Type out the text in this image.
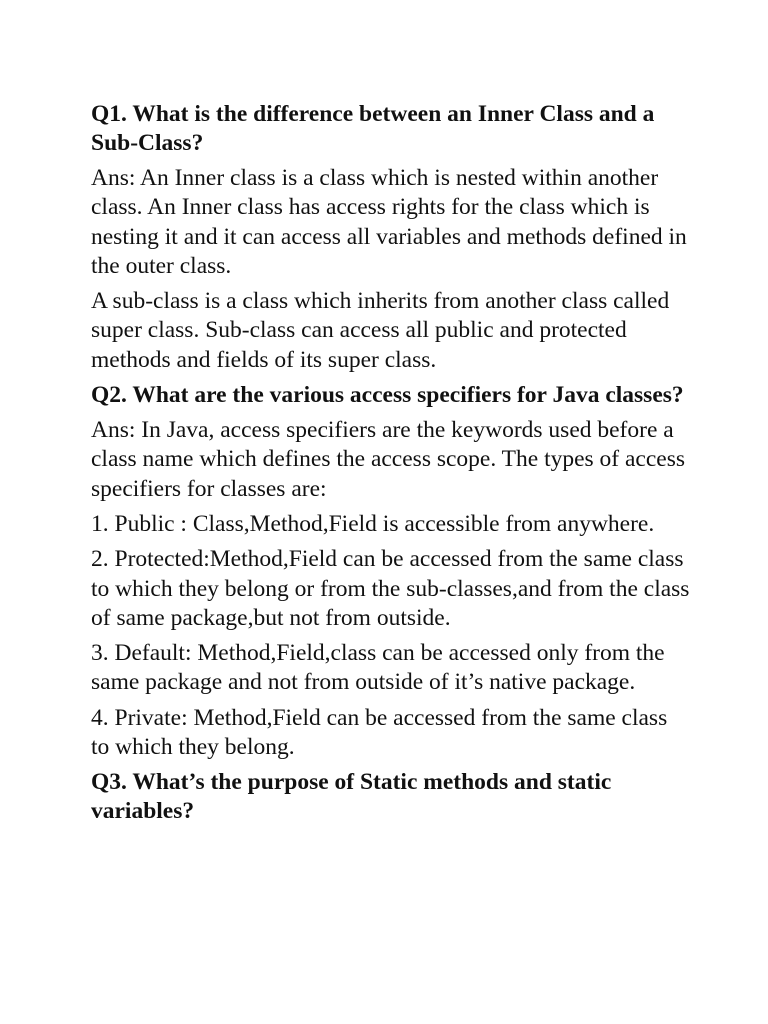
Q1. What is the difference between an Inner Class and a Sub-Class?
Ans: An Inner class is a class which is nested within another class. An Inner class has access rights for the class which is nesting it and it can access all variables and methods defined in the outer class.
A sub-class is a class which inherits from another class called super class. Sub-class can access all public and protected methods and fields of its super class.
Q2. What are the various access specifiers for Java classes?
Ans: In Java, access specifiers are the keywords used before a class name which defines the access scope. The types of access specifiers for classes are:
1. Public : Class,Method,Field is accessible from anywhere.
2. Protected:Method,Field can be accessed from the same class to which they belong or from the sub-classes,and from the class of same package,but not from outside.
3. Default: Method,Field,class can be accessed only from the same package and not from outside of it’s native package.
4. Private: Method,Field can be accessed from the same class to which they belong.
Q3. What’s the purpose of Static methods and static variables?
